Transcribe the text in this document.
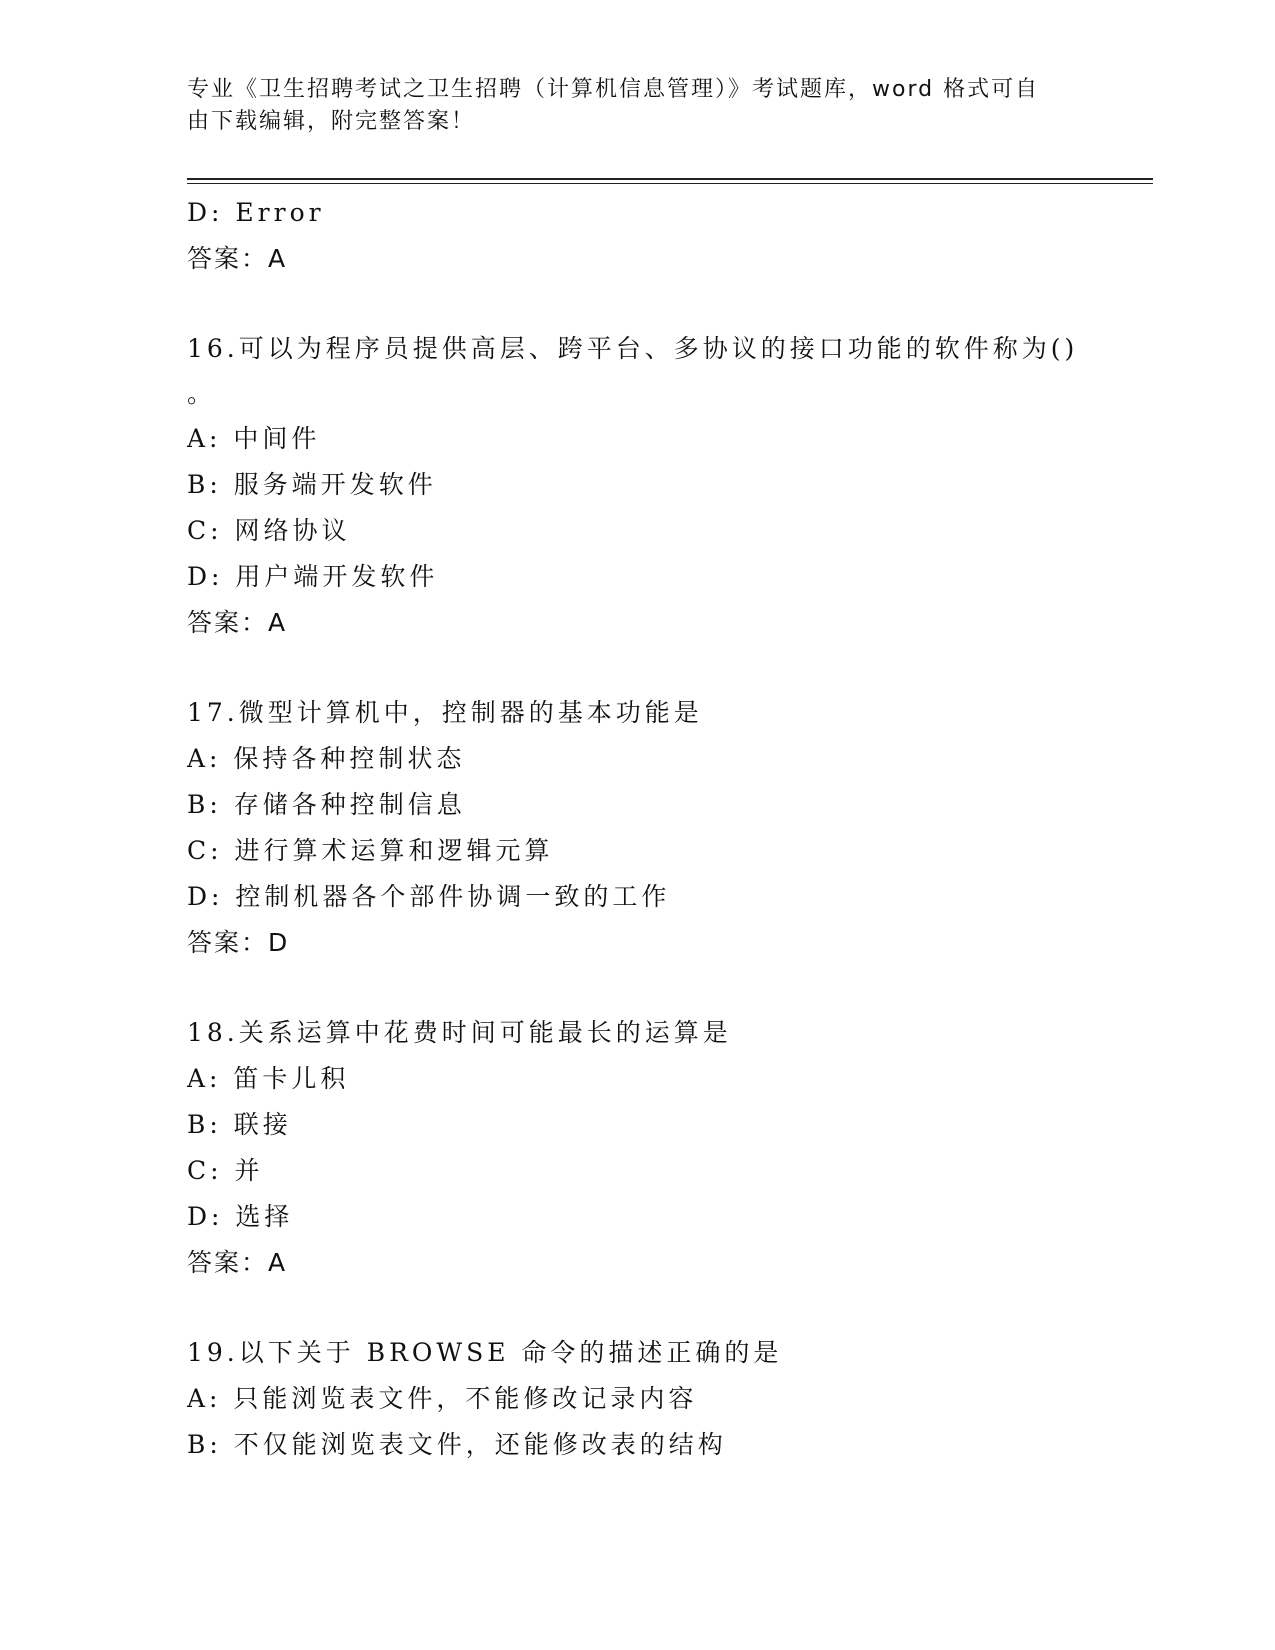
专业《卫生招聘考试之卫生招聘（计算机信息管理）》考试题库，word 格式可自
由下载编辑，附完整答案！
D: Error
答案：A
16.可以为程序员提供高层、跨平台、多协议的接口功能的软件称为()
。
A: 中间件
B: 服务端开发软件
C: 网络协议
D: 用户端开发软件
答案：A
17.微型计算机中，控制器的基本功能是
A: 保持各种控制状态
B: 存储各种控制信息
C: 进行算术运算和逻辑元算
D: 控制机器各个部件协调一致的工作
答案：D
18.关系运算中花费时间可能最长的运算是
A: 笛卡儿积
B: 联接
C: 并
D: 选择
答案：A
19.以下关于 BROWSE 命令的描述正确的是
A: 只能浏览表文件，不能修改记录内容
B: 不仅能浏览表文件，还能修改表的结构
